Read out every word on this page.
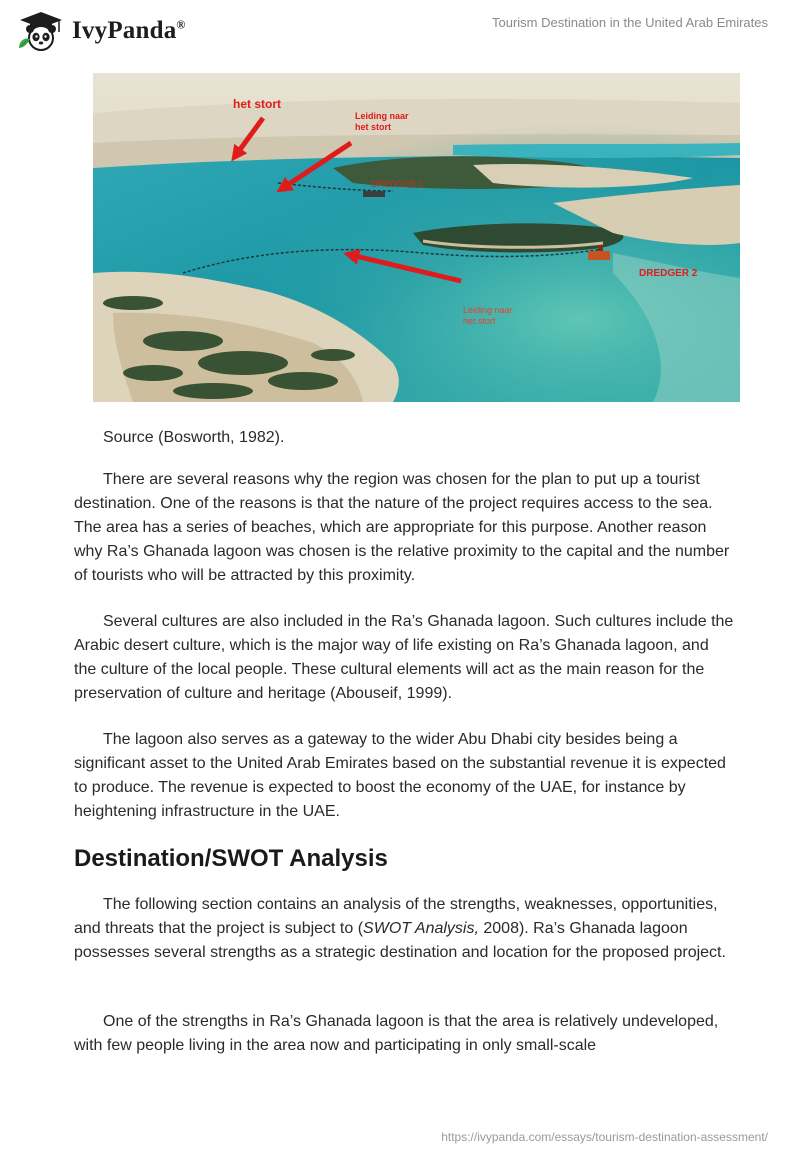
IvyPanda®	Tourism Destination in the United Arab Emirates
het stort
Leiding naar
het stort
DREDGER 1
DREDGER 2
Leiding naar
het stort
Source (Bosworth, 1982).

There are several reasons why the region was chosen for the plan to put up a tourist destination. One of the reasons is that the nature of the project requires access to the sea. The area has a series of beaches, which are appropriate for this purpose. Another reason why Ra’s Ghanada lagoon was chosen is the relative proximity to the capital and the number of tourists who will be attracted by this proximity.

Several cultures are also included in the Ra’s Ghanada lagoon. Such cultures include the Arabic desert culture, which is the major way of life existing on Ra’s Ghanada lagoon, and the culture of the local people. These cultural elements will act as the main reason for the preservation of culture and heritage (Abouseif, 1999).

The lagoon also serves as a gateway to the wider Abu Dhabi city besides being a significant asset to the United Arab Emirates based on the substantial revenue it is expected to produce. The revenue is expected to boost the economy of the UAE, for instance by heightening infrastructure in the UAE.

Destination/SWOT Analysis

The following section contains an analysis of the strengths, weaknesses, opportunities, and threats that the project is subject to (SWOT Analysis, 2008). Ra’s Ghanada lagoon possesses several strengths as a strategic destination and location for the proposed project.

One of the strengths in Ra’s Ghanada lagoon is that the area is relatively undeveloped, with few people living in the area now and participating in only small-scale

https://ivypanda.com/essays/tourism-destination-assessment/
